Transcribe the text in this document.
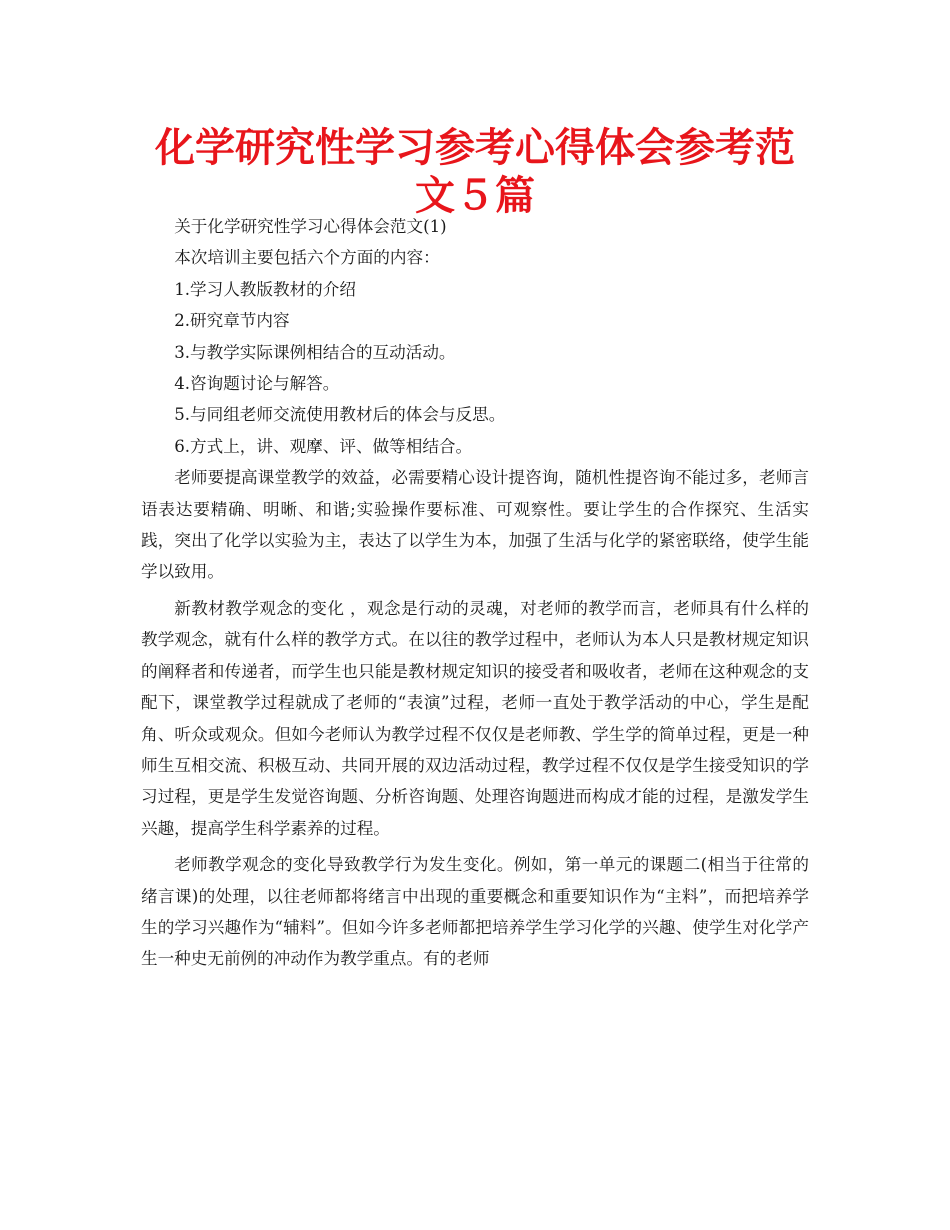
化学研究性学习参考心得体会参考范文５篇

关于化学研究性学习心得体会范文(1)

本次培训主要包括六个方面的内容：

1.学习人教版教材的介绍

2.研究章节内容

3.与教学实际课例相结合的互动活动。

4.咨询题讨论与解答。

5.与同组老师交流使用教材后的体会与反思。

6.方式上，讲、观摩、评、做等相结合。

老师要提高课堂教学的效益，必需要精心设计提咨询，随机性提咨询不能过多，老师言语表达要精确、明晰、和谐;实验操作要标准、可观察性。要让学生的合作探究、生活实践，突出了化学以实验为主，表达了以学生为本，加强了生活与化学的紧密联络，使学生能学以致用。

新教材教学观念的变化 ，观念是行动的灵魂，对老师的教学而言，老师具有什么样的教学观念，就有什么样的教学方式。在以往的教学过程中，老师认为本人只是教材规定知识的阐释者和传递者，而学生也只能是教材规定知识的接受者和吸收者，老师在这种观念的支配下，课堂教学过程就成了老师的“表演”过程，老师一直处于教学活动的中心，学生是配角、听众或观众。但如今老师认为教学过程不仅仅是老师教、学生学的简单过程，更是一种师生互相交流、积极互动、共同开展的双边活动过程，教学过程不仅仅是学生接受知识的学习过程，更是学生发觉咨询题、分析咨询题、处理咨询题进而构成才能的过程，是激发学生兴趣，提高学生科学素养的过程。

老师教学观念的变化导致教学行为发生变化。例如，第一单元的课题二(相当于往常的绪言课)的处理，以往老师都将绪言中出现的重要概念和重要知识作为“主料”，而把培养学生的学习兴趣作为“辅料”。但如今许多老师都把培养学生学习化学的兴趣、使学生对化学产生一种史无前例的冲动作为教学重点。有的老师
